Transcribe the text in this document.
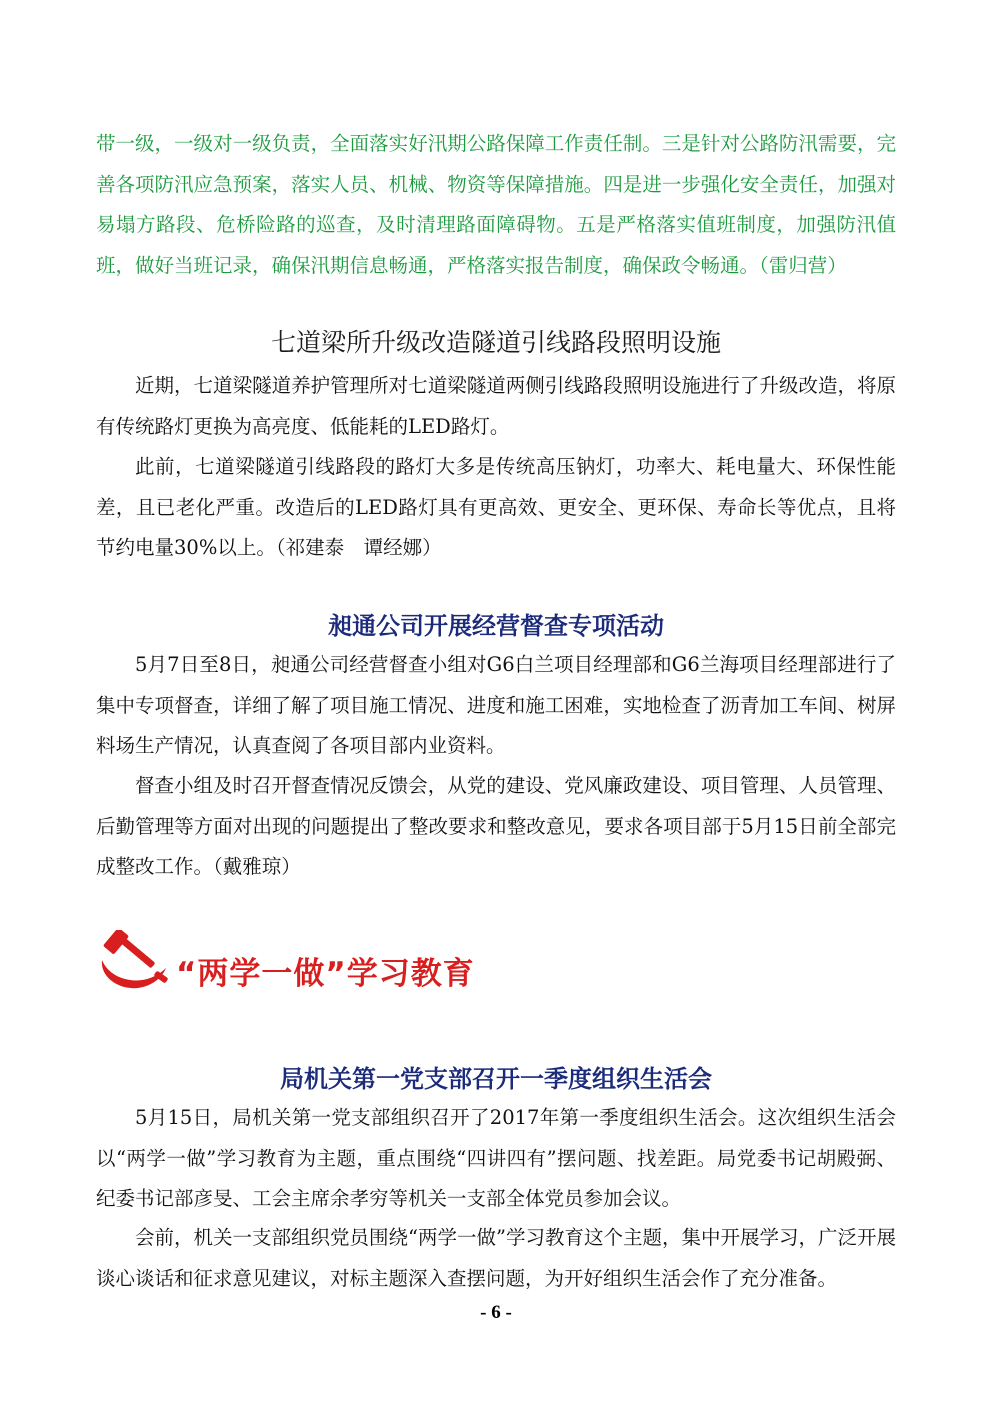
带一级，一级对一级负责，全面落实好汛期公路保障工作责任制。三是针对公路防汛需要，完善各项防汛应急预案，落实人员、机械、物资等保障措施。四是进一步强化安全责任，加强对易塌方路段、危桥险路的巡查，及时清理路面障碍物。五是严格落实值班制度，加强防汛值班，做好当班记录，确保汛期信息畅通，严格落实报告制度，确保政令畅通。（雷归营）

七道梁所升级改造隧道引线路段照明设施

近期，七道梁隧道养护管理所对七道梁隧道两侧引线路段照明设施进行了升级改造，将原有传统路灯更换为高亮度、低能耗的LED路灯。

此前，七道梁隧道引线路段的路灯大多是传统高压钠灯，功率大、耗电量大、环保性能差，且已老化严重。改造后的LED路灯具有更高效、更安全、更环保、寿命长等优点，且将节约电量30%以上。（祁建泰　谭经娜）

昶通公司开展经营督查专项活动

5月7日至8日，昶通公司经营督查小组对G6白兰项目经理部和G6兰海项目经理部进行了集中专项督查，详细了解了项目施工情况、进度和施工困难，实地检查了沥青加工车间、树屏料场生产情况，认真查阅了各项目部内业资料。

督查小组及时召开督查情况反馈会，从党的建设、党风廉政建设、项目管理、人员管理、后勤管理等方面对出现的问题提出了整改要求和整改意见，要求各项目部于5月15日前全部完成整改工作。（戴雅琼）

“两学一做”学习教育
局机关第一党支部召开一季度组织生活会

5月15日，局机关第一党支部组织召开了2017年第一季度组织生活会。这次组织生活会以“两学一做”学习教育为主题，重点围绕“四讲四有”摆问题、找差距。局党委书记胡殿弼、纪委书记部彦旻、工会主席余孝穷等机关一支部全体党员参加会议。

会前，机关一支部组织党员围绕“两学一做”学习教育这个主题，集中开展学习，广泛开展谈心谈话和征求意见建议，对标主题深入查摆问题，为开好组织生活会作了充分准备。

- 6 -
